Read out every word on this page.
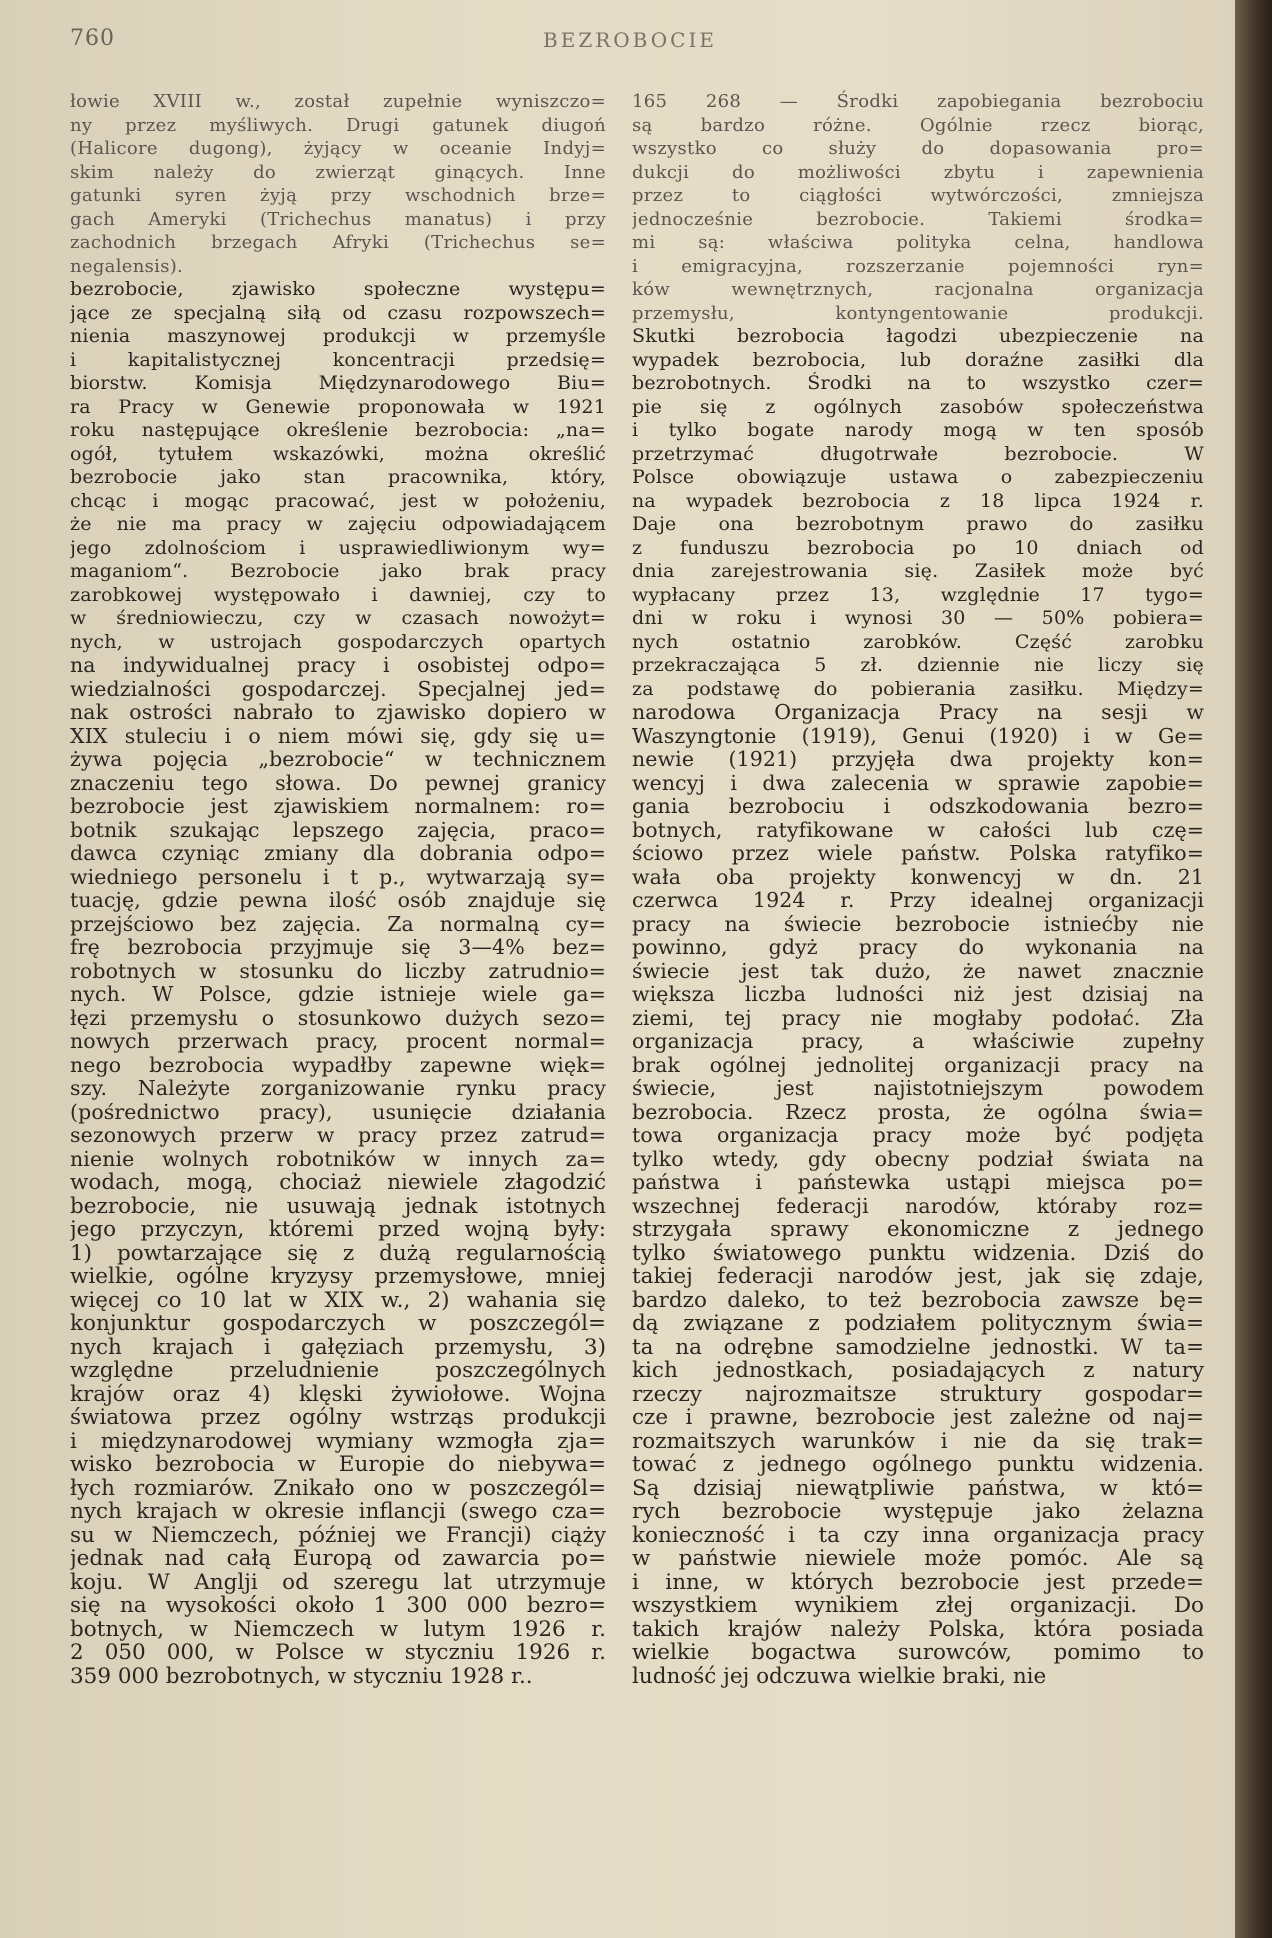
760	BEZROBOCIE
łowie XVIII w., został zupełnie wyniszczo=
ny przez myśliwych. Drugi gatunek diugoń
(Halicore dugong), żyjący w oceanie Indyj=
skim należy do zwierząt ginących. Inne
gatunki syren żyją przy wschodnich brze=
gach Ameryki (Trichechus manatus) i przy
zachodnich brzegach Afryki (Trichechus se=
negalensis).
bezrobocie, zjawisko społeczne występu=
jące ze specjalną siłą od czasu rozpowszech=
nienia maszynowej produkcji w przemyśle
i kapitalistycznej koncentracji przedsię=
biorstw. Komisja Międzynarodowego Biu=
ra Pracy w Genewie proponowała w 1921
roku następujące określenie bezrobocia: „na=
ogół, tytułem wskazówki, można określić
bezrobocie jako stan pracownika, który,
chcąc i mogąc pracować, jest w położeniu,
że nie ma pracy w zajęciu odpowiadającem
jego zdolnościom i usprawiedliwionym wy=
maganiom“. Bezrobocie jako brak pracy
zarobkowej występowało i dawniej, czy to
w średniowieczu, czy w czasach nowożyt=
nych, w ustrojach gospodarczych opartych
na indywidualnej pracy i osobistej odpo=
wiedzialności gospodarczej. Specjalnej jed=
nak ostrości nabrało to zjawisko dopiero w
XIX stuleciu i o niem mówi się, gdy się u=
żywa pojęcia „bezrobocie“ w technicznem
znaczeniu tego słowa. Do pewnej granicy
bezrobocie jest zjawiskiem normalnem: ro=
botnik szukając lepszego zajęcia, praco=
dawca czyniąc zmiany dla dobrania odpo=
wiedniego personelu i t p., wytwarzają sy=
tuację, gdzie pewna ilość osób znajduje się
przejściowo bez zajęcia. Za normalną cy=
frę bezrobocia przyjmuje się 3—4% bez=
robotnych w stosunku do liczby zatrudnio=
nych. W Polsce, gdzie istnieje wiele ga=
łęzi przemysłu o stosunkowo dużych sezo=
nowych przerwach pracy, procent normal=
nego bezrobocia wypadłby zapewne więk=
szy. Należyte zorganizowanie rynku pracy
(pośrednictwo pracy), usunięcie działania
sezonowych przerw w pracy przez zatrud=
nienie wolnych robotników w innych za=
wodach, mogą, chociaż niewiele złagodzić
bezrobocie, nie usuwają jednak istotnych
jego przyczyn, któremi przed wojną były:
1) powtarzające się z dużą regularnością
wielkie, ogólne kryzysy przemysłowe, mniej
więcej co 10 lat w XIX w., 2) wahania się
konjunktur gospodarczych w poszczegól=
nych krajach i gałęziach przemysłu, 3)
względne przeludnienie poszczególnych
krajów oraz 4) klęski żywiołowe. Wojna
światowa przez ogólny wstrząs produkcji
i międzynarodowej wymiany wzmogła zja=
wisko bezrobocia w Europie do niebywa=
łych rozmiarów. Znikało ono w poszczegól=
nych krajach w okresie inflancji (swego cza=
su w Niemczech, później we Francji) ciąży
jednak nad całą Europą od zawarcia po=
koju. W Anglji od szeregu lat utrzymuje
się na wysokości około 1 300 000 bezro=
botnych, w Niemczech w lutym 1926 r.
2 050 000, w Polsce w styczniu 1926 r.
359 000 bezrobotnych, w styczniu 1928 r..
165 268 — Środki zapobiegania bezrobociu
są bardzo różne. Ogólnie rzecz biorąc,
wszystko co służy do dopasowania pro=
dukcji do możliwości zbytu i zapewnienia
przez to ciągłości wytwórczości, zmniejsza
jednocześnie bezrobocie. Takiemi środka=
mi są: właściwa polityka celna, handlowa
i emigracyjna, rozszerzanie pojemności ryn=
ków wewnętrznych, racjonalna organizacja
przemysłu, kontyngentowanie produkcji.
Skutki bezrobocia łagodzi ubezpieczenie na
wypadek bezrobocia, lub doraźne zasiłki dla
bezrobotnych. Środki na to wszystko czer=
pie się z ogólnych zasobów społeczeństwa
i tylko bogate narody mogą w ten sposób
przetrzymać długotrwałe bezrobocie. W
Polsce obowiązuje ustawa o zabezpieczeniu
na wypadek bezrobocia z 18 lipca 1924 r.
Daje ona bezrobotnym prawo do zasiłku
z funduszu bezrobocia po 10 dniach od
dnia zarejestrowania się. Zasiłek może być
wypłacany przez 13, względnie 17 tygo=
dni w roku i wynosi 30 — 50% pobiera=
nych ostatnio zarobków. Część zarobku
przekraczająca 5 zł. dziennie nie liczy się
za podstawę do pobierania zasiłku. Między=
narodowa Organizacja Pracy na sesji w
Waszyngtonie (1919), Genui (1920) i w Ge=
newie (1921) przyjęła dwa projekty kon=
wencyj i dwa zalecenia w sprawie zapobie=
gania bezrobociu i odszkodowania bezro=
botnych, ratyfikowane w całości lub czę=
ściowo przez wiele państw. Polska ratyfiko=
wała oba projekty konwencyj w dn. 21
czerwca 1924 r. Przy idealnej organizacji
pracy na świecie bezrobocie istniećby nie
powinno, gdyż pracy do wykonania na
świecie jest tak dużo, że nawet znacznie
większa liczba ludności niż jest dzisiaj na
ziemi, tej pracy nie mogłaby podołać. Zła
organizacja pracy, a właściwie zupełny
brak ogólnej jednolitej organizacji pracy na
świecie, jest najistotniejszym powodem
bezrobocia. Rzecz prosta, że ogólna świa=
towa organizacja pracy może być podjęta
tylko wtedy, gdy obecny podział świata na
państwa i państewka ustąpi miejsca po=
wszechnej federacji narodów, któraby roz=
strzygała sprawy ekonomiczne z jednego
tylko światowego punktu widzenia. Dziś do
takiej federacji narodów jest, jak się zdaje,
bardzo daleko, to też bezrobocia zawsze bę=
dą związane z podziałem politycznym świa=
ta na odrębne samodzielne jednostki. W ta=
kich jednostkach, posiadających z natury
rzeczy najrozmaitsze struktury gospodar=
cze i prawne, bezrobocie jest zależne od naj=
rozmaitszych warunków i nie da się trak=
tować z jednego ogólnego punktu widzenia.
Są dzisiaj niewątpliwie państwa, w któ=
rych bezrobocie występuje jako żelazna
konieczność i ta czy inna organizacja pracy
w państwie niewiele może pomóc. Ale są
i inne, w których bezrobocie jest przede=
wszystkiem wynikiem złej organizacji. Do
takich krajów należy Polska, która posiada
wielkie bogactwa surowców, pomimo to
ludność jej odczuwa wielkie braki, nie
